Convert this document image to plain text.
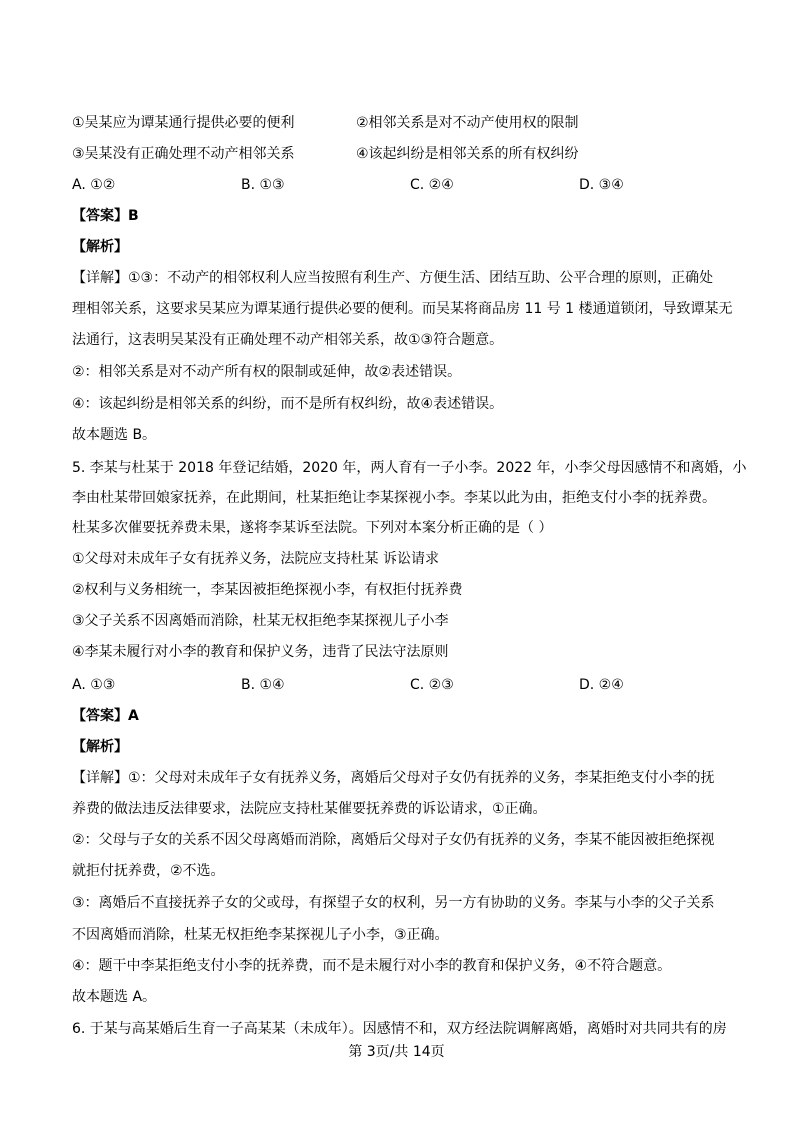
①吴某应为谭某通行提供必要的便利	②相邻关系是对不动产使用权的限制
③吴某没有正确处理不动产相邻关系	④该起纠纷是相邻关系的所有权纠纷
A. ①②	B. ①③	C. ②④	D. ③④
【答案】B
【解析】
【详解】①③：不动产的相邻权利人应当按照有利生产、方便生活、团结互助、公平合理的原则，正确处
理相邻关系，这要求吴某应为谭某通行提供必要的便利。而吴某将商品房 11 号 1 楼通道锁闭，导致谭某无
法通行，这表明吴某没有正确处理不动产相邻关系，故①③符合题意。
②：相邻关系是对不动产所有权的限制或延伸，故②表述错误。
④：该起纠纷是相邻关系的纠纷，而不是所有权纠纷，故④表述错误。
故本题选 B。
5. 李某与杜某于 2018 年登记结婚，2020 年，两人育有一子小李。2022 年，小李父母因感情不和离婚，小
李由杜某带回娘家抚养，在此期间，杜某拒绝让李某探视小李。李某以此为由，拒绝支付小李的抚养费。
杜某多次催要抚养费未果，遂将李某诉至法院。下列对本案分析正确的是（ ）
①父母对未成年子女有抚养义务，法院应支持杜某 诉讼请求
②权利与义务相统一，李某因被拒绝探视小李，有权拒付抚养费
③父子关系不因离婚而消除，杜某无权拒绝李某探视儿子小李
④李某未履行对小李的教育和保护义务，违背了民法守法原则
A. ①③	B. ①④	C. ②③	D. ②④
【答案】A
【解析】
【详解】①：父母对未成年子女有抚养义务，离婚后父母对子女仍有抚养的义务，李某拒绝支付小李的抚
养费的做法违反法律要求，法院应支持杜某催要抚养费的诉讼请求，①正确。
②：父母与子女的关系不因父母离婚而消除，离婚后父母对子女仍有抚养的义务，李某不能因被拒绝探视
就拒付抚养费，②不选。
③：离婚后不直接抚养子女的父或母，有探望子女的权利，另一方有协助的义务。李某与小李的父子关系
不因离婚而消除，杜某无权拒绝李某探视儿子小李，③正确。
④：题干中李某拒绝支付小李的抚养费，而不是未履行对小李的教育和保护义务，④不符合题意。
故本题选 A。
6. 于某与高某婚后生育一子高某某（未成年）。因感情不和，双方经法院调解离婚，离婚时对共同共有的房
第 3页/共 14页
